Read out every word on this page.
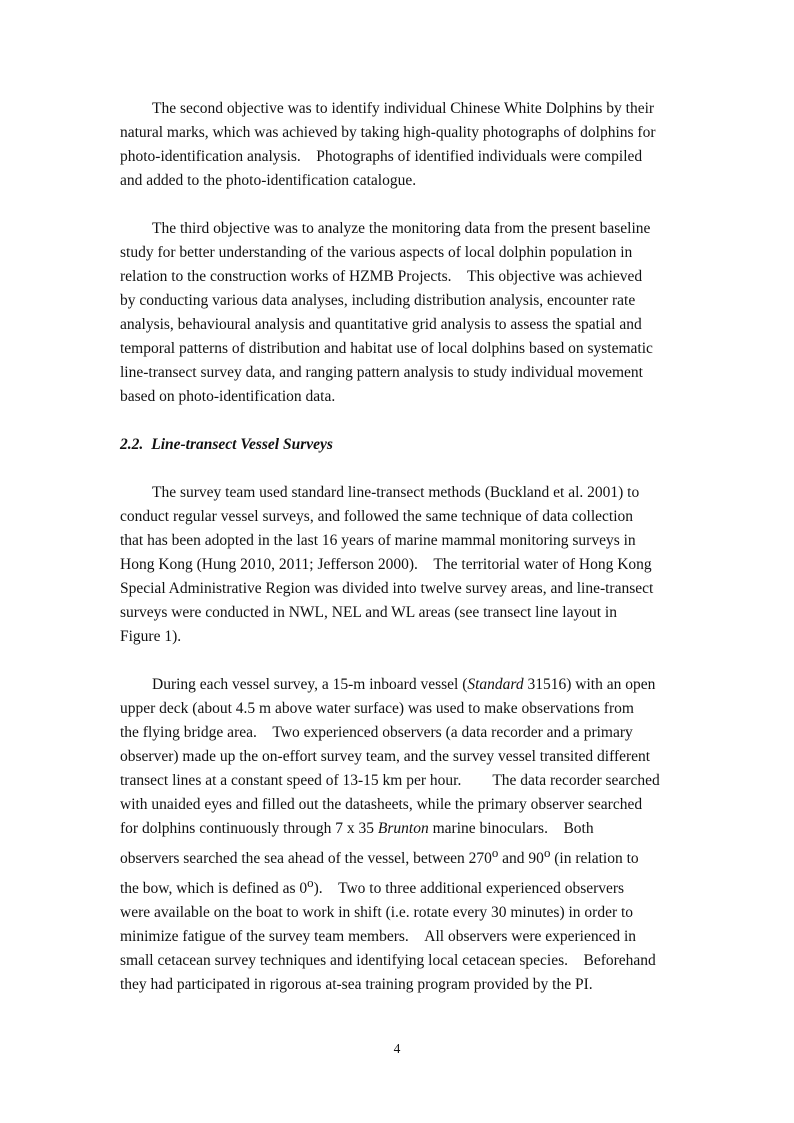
The second objective was to identify individual Chinese White Dolphins by their
natural marks, which was achieved by taking high-quality photographs of dolphins for
photo-identification analysis. Photographs of identified individuals were compiled
and added to the photo-identification catalogue.

The third objective was to analyze the monitoring data from the present baseline
study for better understanding of the various aspects of local dolphin population in
relation to the construction works of HZMB Projects. This objective was achieved
by conducting various data analyses, including distribution analysis, encounter rate
analysis, behavioural analysis and quantitative grid analysis to assess the spatial and
temporal patterns of distribution and habitat use of local dolphins based on systematic
line-transect survey data, and ranging pattern analysis to study individual movement
based on photo-identification data.

2.2. Line-transect Vessel Surveys

The survey team used standard line-transect methods (Buckland et al. 2001) to
conduct regular vessel surveys, and followed the same technique of data collection
that has been adopted in the last 16 years of marine mammal monitoring surveys in
Hong Kong (Hung 2010, 2011; Jefferson 2000). The territorial water of Hong Kong
Special Administrative Region was divided into twelve survey areas, and line-transect
surveys were conducted in NWL, NEL and WL areas (see transect line layout in
Figure 1).

During each vessel survey, a 15-m inboard vessel (Standard 31516) with an open
upper deck (about 4.5 m above water surface) was used to make observations from
the flying bridge area. Two experienced observers (a data recorder and a primary
observer) made up the on-effort survey team, and the survey vessel transited different
transect lines at a constant speed of 13-15 km per hour.  The data recorder searched
with unaided eyes and filled out the datasheets, while the primary observer searched
for dolphins continuously through 7 x 35 Brunton marine binoculars. Both
observers searched the sea ahead of the vessel, between 270$^o$ and 90$^o$ (in relation to
the bow, which is defined as 0$^o$). Two to three additional experienced observers
were available on the boat to work in shift (i.e. rotate every 30 minutes) in order to
minimize fatigue of the survey team members. All observers were experienced in
small cetacean survey techniques and identifying local cetacean species. Beforehand
they had participated in rigorous at-sea training program provided by the PI.

4
